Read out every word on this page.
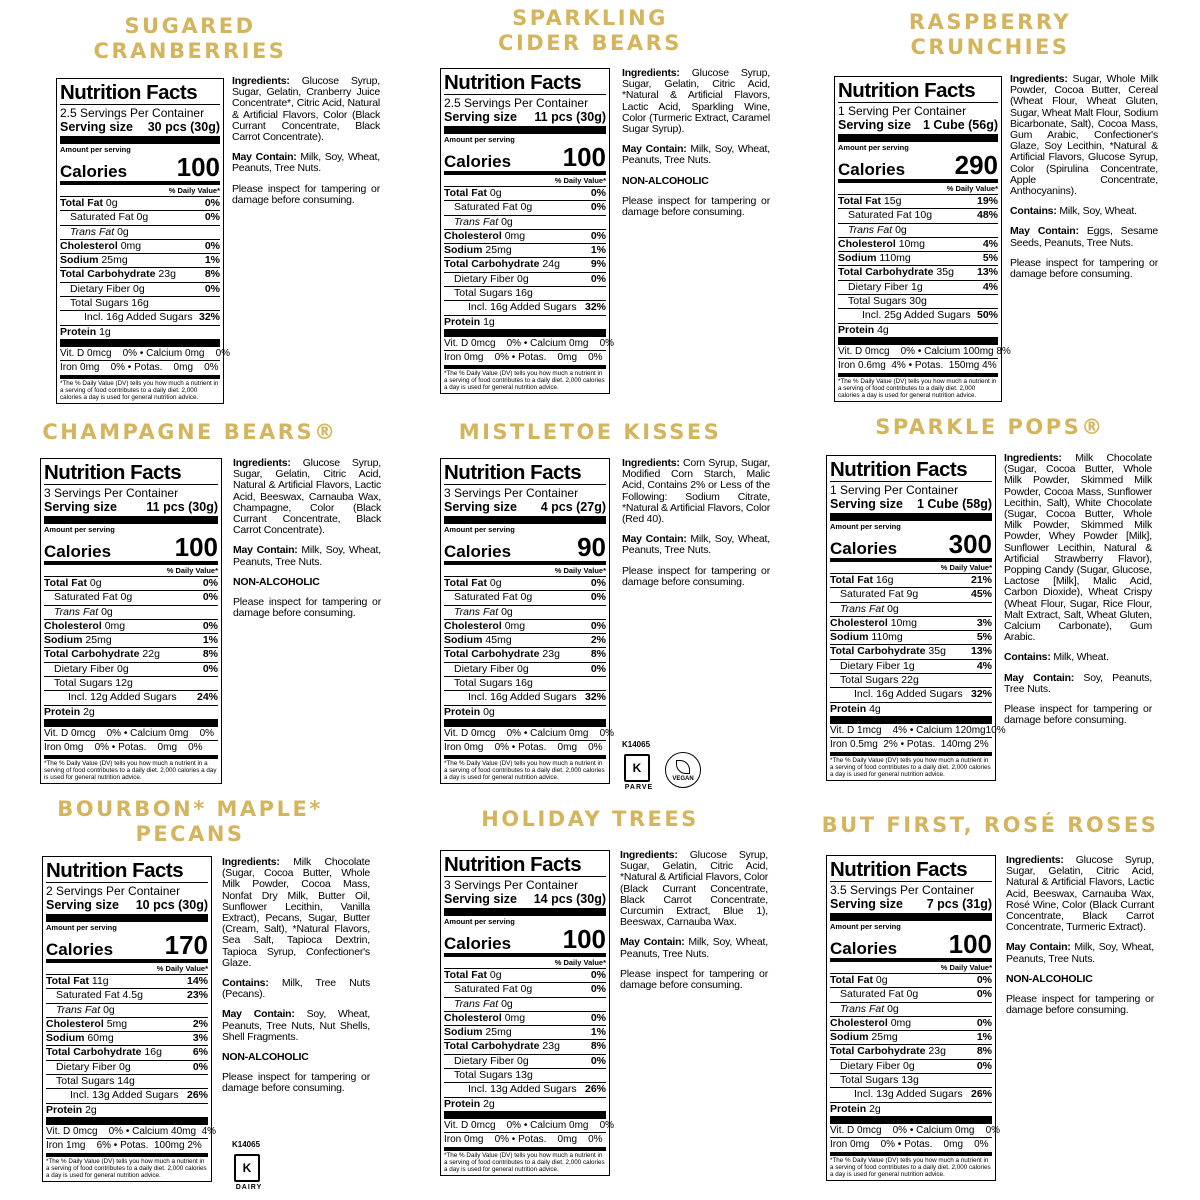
SUGARED
CRANBERRIES
Nutrition Facts
2.5 Servings Per Container
Serving size 30 pcs (30g)
Amount per serving
Calories 100
% Daily Value*
Total Fat 0g	0%
Saturated Fat 0g	0%
Trans Fat 0g
Cholesterol 0mg	0%
Sodium 25mg	1%
Total Carbohydrate 23g	8%
Dietary Fiber 0g	0%
Total Sugars 16g
Incl. 16g Added Sugars 32%
Protein 1g
Vit. D 0mcg    0% • Calcium 0mg    0%
Iron 0mg    0% • Potas.    0mg    0%
*The % Daily Value (DV) tells you how much a nutrient in a serving of food contributes to a daily diet. 2,000 calories a day is used for general nutrition advice.

Ingredients: Glucose Syrup, Sugar, Gelatin, Cranberry Juice Concentrate*, Citric Acid, Natural & Artificial Flavors, Color (Black Currant Concentrate, Black Carrot Concentrate).

May Contain: Milk, Soy, Wheat, Peanuts, Tree Nuts.

Please inspect for tampering or damage before consuming.

SPARKLING
CIDER BEARS
Nutrition Facts
2.5 Servings Per Container
Serving size 11 pcs (30g)
Amount per serving
Calories 100
% Daily Value*
Total Fat 0g	0%
Saturated Fat 0g	0%
Trans Fat 0g
Cholesterol 0mg	0%
Sodium 25mg	1%
Total Carbohydrate 24g	9%
Dietary Fiber 0g	0%
Total Sugars 16g
Incl. 16g Added Sugars 32%
Protein 1g
Vit. D 0mcg    0% • Calcium 0mg    0%
Iron 0mg    0% • Potas.    0mg    0%
*The % Daily Value (DV) tells you how much a nutrient in a serving of food contributes to a daily diet. 2,000 calories a day is used for general nutrition advice.

Ingredients: Glucose Syrup, Sugar, Gelatin, Citric Acid, *Natural & Artificial Flavors, Lactic Acid, Sparkling Wine, Color (Turmeric Extract, Caramel Sugar Syrup).

May Contain: Milk, Soy, Wheat, Peanuts, Tree Nuts.

NON-ALCOHOLIC

Please inspect for tampering or damage before consuming.

RASPBERRY
CRUNCHIES
Nutrition Facts
1 Serving Per Container
Serving size 1 Cube (56g)
Amount per serving
Calories 290
% Daily Value*
Total Fat 15g	19%
Saturated Fat 10g	48%
Trans Fat 0g
Cholesterol 10mg	4%
Sodium 110mg	5%
Total Carbohydrate 35g 13%
Dietary Fiber 1g	4%
Total Sugars 30g
Incl. 25g Added Sugars 50%
Protein 4g
Vit. D 0mcg    0% • Calcium 100mg 8%
Iron 0.6mg  4% • Potas.  150mg 4%
*The % Daily Value (DV) tells you how much a nutrient in a serving of food contributes to a daily diet. 2,000 calories a day is used for general nutrition advice.

Ingredients: Sugar, Whole Milk Powder, Cocoa Butter, Cereal (Wheat Flour, Wheat Gluten, Sugar, Wheat Malt Flour, Sodium Bicarbonate, Salt), Cocoa Mass, Gum Arabic, Confectioner's Glaze, Soy Lecithin, *Natural & Artificial Flavors, Glucose Syrup, Color (Spirulina Concentrate, Apple Concentrate, Anthocyanins).

Contains: Milk, Soy, Wheat.

May Contain: Eggs, Sesame Seeds, Peanuts, Tree Nuts.

Please inspect for tampering or damage before consuming.

CHAMPAGNE BEARS®
Nutrition Facts
3 Servings Per Container
Serving size 11 pcs (30g)
Amount per serving
Calories 100
% Daily Value*
Total Fat 0g	0%
Saturated Fat 0g	0%
Trans Fat 0g
Cholesterol 0mg	0%
Sodium 25mg	1%
Total Carbohydrate 22g	8%
Dietary Fiber 0g	0%
Total Sugars 12g
Incl. 12g Added Sugars 24%
Protein 2g
Vit. D 0mcg    0% • Calcium 0mg    0%
Iron 0mg    0% • Potas.    0mg    0%
*The % Daily Value (DV) tells you how much a nutrient in a serving of food contributes to a daily diet. 2,000 calories a day is used for general nutrition advice.

Ingredients: Glucose Syrup, Sugar, Gelatin, Citric Acid, Natural & Artificial Flavors, Lactic Acid, Beeswax, Carnauba Wax, Champagne, Color (Black Currant Concentrate, Black Carrot Concentrate).

May Contain: Milk, Soy, Wheat, Peanuts, Tree Nuts.

NON-ALCOHOLIC

Please inspect for tampering or damage before consuming.

MISTLETOE KISSES
Nutrition Facts
3 Servings Per Container
Serving size 4 pcs (27g)
Amount per serving
Calories	90
% Daily Value*
Total Fat 0g	0%
Saturated Fat 0g	0%
Trans Fat 0g
Cholesterol 0mg	0%
Sodium 45mg	2%
Total Carbohydrate 23g	8%
Dietary Fiber 0g	0%
Total Sugars 16g
Incl. 16g Added Sugars 32%
Protein 0g
Vit. D 0mcg    0% • Calcium 0mg    0%
Iron 0mg    0% • Potas.    0mg    0%
*The % Daily Value (DV) tells you how much a nutrient in a serving of food contributes to a daily diet. 2,000 calories a day is used for general nutrition advice.

Ingredients: Corn Syrup, Sugar, Modified Corn Starch, Malic Acid, Contains 2% or Less of the Following: Sodium Citrate, *Natural & Artificial Flavors, Color (Red 40).

May Contain: Milk, Soy, Wheat, Peanuts, Tree Nuts.

Please inspect for tampering or damage before consuming.

K14065
K
PARVE
VEGAN
SPARKLE POPS®
Nutrition Facts
1 Serving Per Container
Serving size 1 Cube (58g)
Amount per serving
Calories 300
% Daily Value*
Total Fat 16g	21%
Saturated Fat 9g	45%
Trans Fat 0g
Cholesterol 10mg	3%
Sodium 110mg	5%
Total Carbohydrate 35g 13%
Dietary Fiber 1g	4%
Total Sugars 22g
Incl. 16g Added Sugars 32%
Protein 4g
Vit. D 1mcg    4% • Calcium 120mg10%
Iron 0.5mg  2% • Potas.  140mg 2%
*The % Daily Value (DV) tells you how much a nutrient in a serving of food contributes to a daily diet. 2,000 calories a day is used for general nutrition advice.

Ingredients: Milk Chocolate (Sugar, Cocoa Butter, Whole Milk Powder, Skimmed Milk Powder, Cocoa Mass, Sunflower Lecithin, Salt), White Chocolate (Sugar, Cocoa Butter, Whole Milk Powder, Skimmed Milk Powder, Whey Powder [Milk], Sunflower Lecithin, Natural & Artificial Strawberry Flavor), Popping Candy (Sugar, Glucose, Lactose [Milk], Malic Acid, Carbon Dioxide), Wheat Crispy (Wheat Flour, Sugar, Rice Flour, Malt Extract, Salt, Wheat Gluten, Calcium Carbonate), Gum Arabic.

Contains: Milk, Wheat.

May Contain: Soy, Peanuts, Tree Nuts.

Please inspect for tampering or damage before consuming.

BOURBON* MAPLE*
PECANS
Nutrition Facts
2 Servings Per Container
Serving size 10 pcs (30g)
Amount per serving
Calories 170
% Daily Value*
Total Fat 11g	14%
Saturated Fat 4.5g	23%
Trans Fat 0g
Cholesterol 5mg	2%
Sodium 60mg	3%
Total Carbohydrate 16g	6%
Dietary Fiber 0g	0%
Total Sugars 14g
Incl. 13g Added Sugars 26%
Protein 2g
Vit. D 0mcg    0% • Calcium 40mg  4%
Iron 1mg    6% • Potas.  100mg 2%
*The % Daily Value (DV) tells you how much a nutrient in a serving of food contributes to a daily diet. 2,000 calories a day is used for general nutrition advice.

Ingredients: Milk Chocolate (Sugar, Cocoa Butter, Whole Milk Powder, Cocoa Mass, Nonfat Dry Milk, Butter Oil, Sunflower Lecithin, Vanilla Extract), Pecans, Sugar, Butter (Cream, Salt), *Natural Flavors, Sea Salt, Tapioca Dextrin, Tapioca Syrup, Confectioner's Glaze.

Contains: Milk, Tree Nuts (Pecans).

May Contain: Soy, Wheat, Peanuts, Tree Nuts, Nut Shells, Shell Fragments.

NON-ALCOHOLIC

Please inspect for tampering or damage before consuming.

K14065
K
DAIRY
HOLIDAY TREES
Nutrition Facts
3 Servings Per Container
Serving size 14 pcs (30g)
Amount per serving
Calories 100
% Daily Value*
Total Fat 0g	0%
Saturated Fat 0g	0%
Trans Fat 0g
Cholesterol 0mg	0%
Sodium 25mg	1%
Total Carbohydrate 23g	8%
Dietary Fiber 0g	0%
Total Sugars 13g
Incl. 13g Added Sugars 26%
Protein 2g
Vit. D 0mcg    0% • Calcium 0mg    0%
Iron 0mg    0% • Potas.    0mg    0%
*The % Daily Value (DV) tells you how much a nutrient in a serving of food contributes to a daily diet. 2,000 calories a day is used for general nutrition advice.

Ingredients: Glucose Syrup, Sugar, Gelatin, Citric Acid, *Natural & Artificial Flavors, Color (Black Currant Concentrate, Black Carrot Concentrate, Curcumin Extract, Blue 1), Beeswax, Carnauba Wax.

May Contain: Milk, Soy, Wheat, Peanuts, Tree Nuts.

Please inspect for tampering or damage before consuming.

BUT FIRST, ROSÉ ROSES
Nutrition Facts
3.5 Servings Per Container
Serving size 7 pcs (31g)
Amount per serving
Calories 100
% Daily Value*
Total Fat 0g	0%
Saturated Fat 0g	0%
Trans Fat 0g
Cholesterol 0mg	0%
Sodium 25mg	1%
Total Carbohydrate 23g	8%
Dietary Fiber 0g	0%
Total Sugars 13g
Incl. 13g Added Sugars 26%
Protein 2g
Vit. D 0mcg    0% • Calcium 0mg    0%
Iron 0mg    0% • Potas.    0mg    0%
*The % Daily Value (DV) tells you how much a nutrient in a serving of food contributes to a daily diet. 2,000 calories a day is used for general nutrition advice.

Ingredients: Glucose Syrup, Sugar, Gelatin, Citric Acid, Natural & Artificial Flavors, Lactic Acid, Beeswax, Carnauba Wax, Rosé Wine, Color (Black Currant Concentrate, Black Carrot Concentrate, Turmeric Extract).

May Contain: Milk, Soy, Wheat, Peanuts, Tree Nuts.

NON-ALCOHOLIC

Please inspect for tampering or damage before consuming.
